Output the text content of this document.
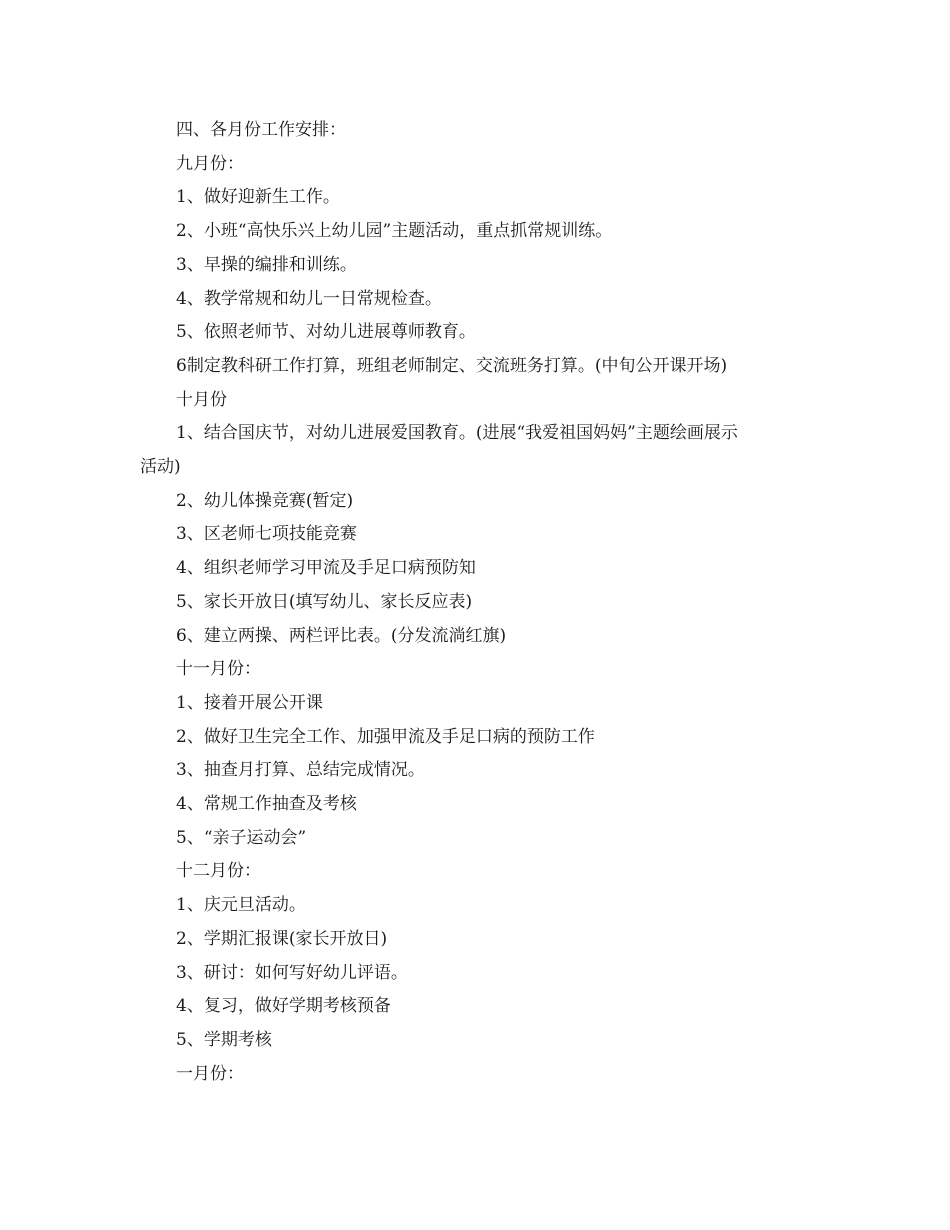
四、各月份工作安排：

九月份：

1、做好迎新生工作。

2、小班“高快乐兴上幼儿园”主题活动，重点抓常规训练。

3、早操的编排和训练。

4、教学常规和幼儿一日常规检查。

5、依照老师节、对幼儿进展尊师教育。

6制定教科研工作打算，班组老师制定、交流班务打算。(中旬公开课开场)

十月份

1、结合国庆节，对幼儿进展爱国教育。(进展“我爱祖国妈妈”主题绘画展示

活动)

2、幼儿体操竞赛(暂定)

3、区老师七项技能竞赛

4、组织老师学习甲流及手足口病预防知

5、家长开放日(填写幼儿、家长反应表)

6、建立两操、两栏评比表。(分发流淌红旗)

十一月份：

1、接着开展公开课

2、做好卫生完全工作、加强甲流及手足口病的预防工作

3、抽查月打算、总结完成情况。

4、常规工作抽查及考核

5、“亲子运动会”

十二月份：

1、庆元旦活动。

2、学期汇报课(家长开放日)

3、研讨：如何写好幼儿评语。

4、复习，做好学期考核预备

5、学期考核

一月份：
